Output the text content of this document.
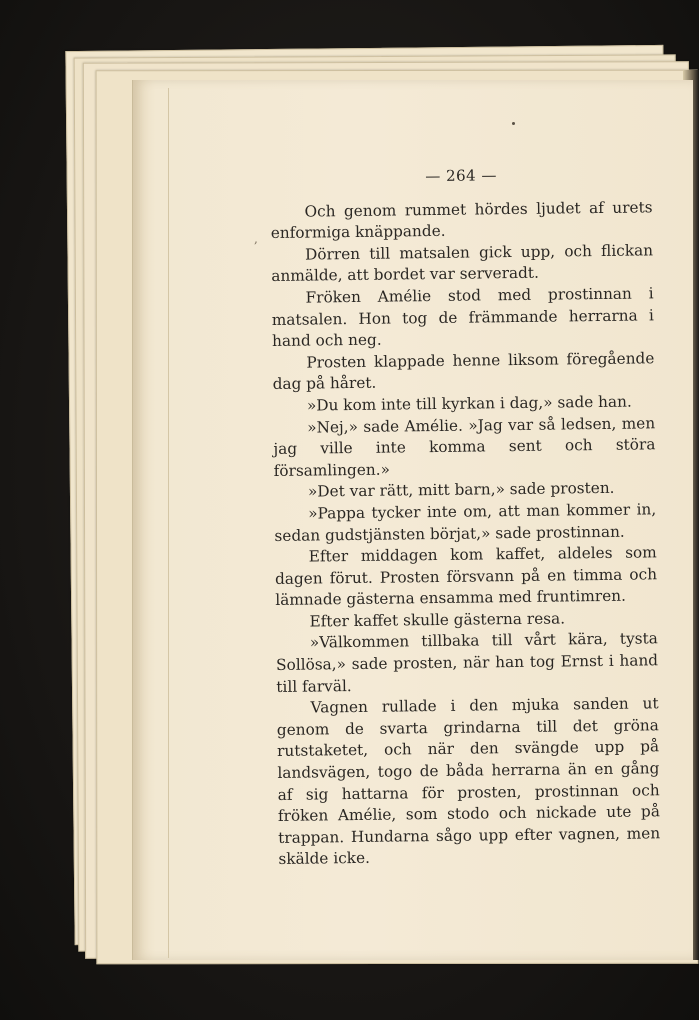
,
— 264 —

Och genom rummet hördes ljudet af urets enformiga knäppande.

Dörren till matsalen gick upp, och flickan anmälde, att bordet var serveradt.

Fröken Amélie stod med prostinnan i matsalen. Hon tog de främmande herrarna i hand och neg.

Prosten klappade henne liksom föregående dag på håret.

»Du kom inte till kyrkan i dag,» sade han.

»Nej,» sade Amélie. »Jag var så ledsen, men jag ville inte komma sent och störa församlingen.»

»Det var rätt, mitt barn,» sade prosten.

»Pappa tycker inte om, att man kommer in, sedan gudstjänsten börjat,» sade prostinnan.

Efter middagen kom kaffet, aldeles som dagen förut. Prosten försvann på en timma och lämnade gästerna ensamma med fruntimren.

Efter kaffet skulle gästerna resa.

»Välkommen tillbaka till vårt kära, tysta Sollösa,» sade prosten, när han tog Ernst i hand till farväl.

Vagnen rullade i den mjuka sanden ut genom de svarta grindarna till det gröna rutstaketet, och när den svängde upp på landsvägen, togo de båda herrarna än en gång af sig hattarna för prosten, prostinnan och fröken Amélie, som stodo och nickade ute på trappan. Hundarna sågo upp efter vagnen, men skälde icke.
